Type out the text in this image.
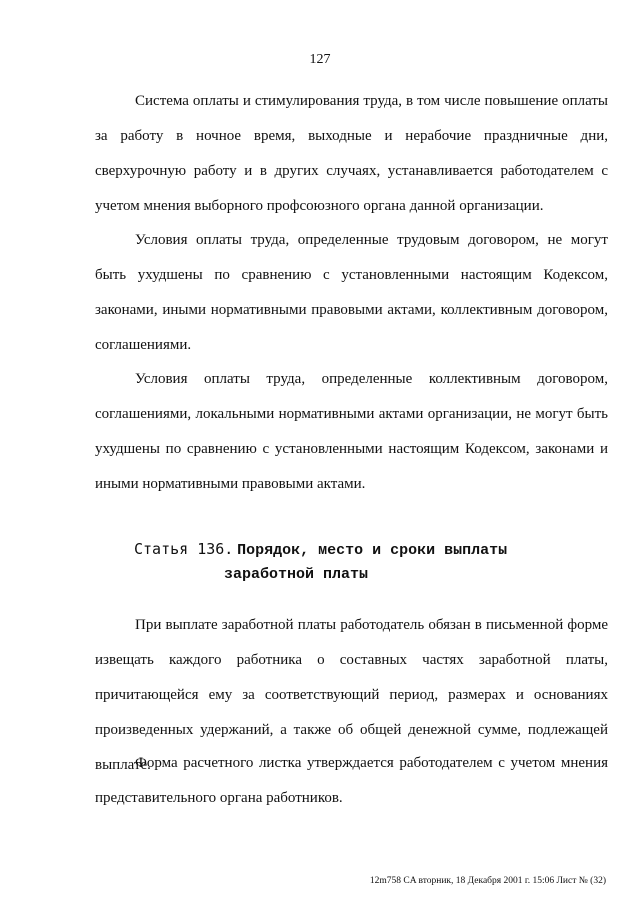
127

Система оплаты и стимулирования труда, в том числе повышение оплаты за работу в ночное время, выходные и нерабочие праздничные дни, сверхурочную работу и в других случаях, устанавливается работодателем с учетом мнения выборного профсоюзного органа данной организации.

Условия оплаты труда, определенные трудовым договором, не могут быть ухудшены по сравнению с установленными настоящим Кодексом, законами, иными нормативными правовыми актами, коллективным договором, соглашениями.

Условия оплаты труда, определенные коллективным договором, соглашениями, локальными нормативными актами организации, не могут быть ухудшены по сравнению с установленными настоящим Кодексом, законами и иными нормативными правовыми актами.

Статья 136. Порядок, место и сроки выплаты
заработной платы

При выплате заработной платы работодатель обязан в письменной форме извещать каждого работника о составных частях заработной платы, причитающейся ему за соответствующий период, размерах и основаниях произведенных удержаний, а также об общей денежной сумме, подлежащей выплате.

Форма расчетного листка утверждается работодателем с учетом мнения представительного органа работников.

12m758 CA вторник, 18 Декабря 2001 г. 15:06 Лист № (32)
